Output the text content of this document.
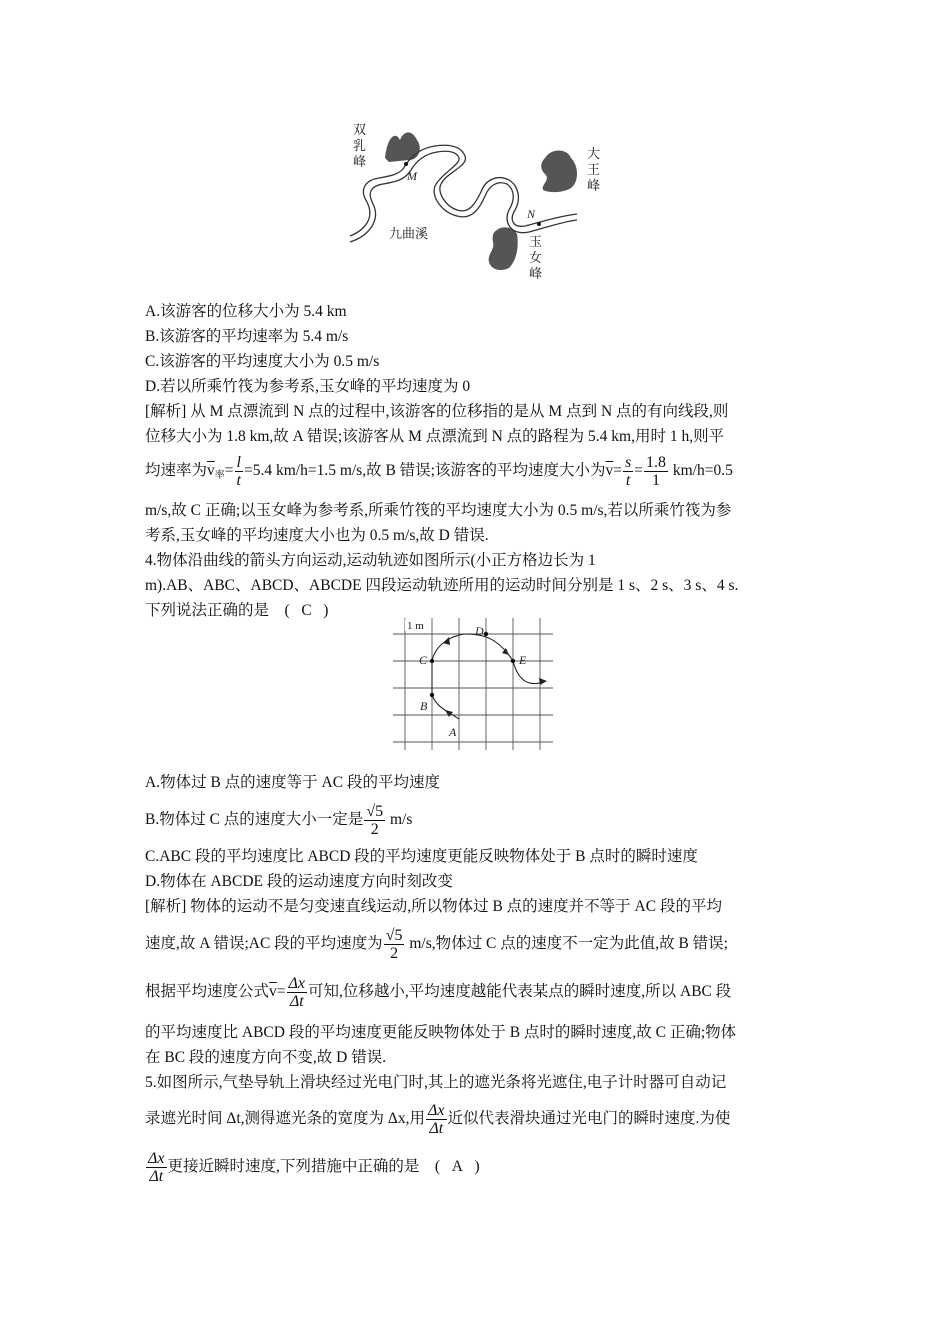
双
乳
峰
大
王
峰
玉
女
峰
九曲溪
M
N
A.该游客的位移大小为 5.4 km
B.该游客的平均速率为 5.4 m/s
C.该游客的平均速度大小为 0.5 m/s
D.若以所乘竹筏为参考系,玉女峰的平均速度为 0
[解析] 从 M 点漂流到 N 点的过程中,该游客的位移指的是从 M 点到 N 点的有向线段,则
位移大小为 1.8 km,故 A 错误;该游客从 M 点漂流到 N 点的路程为 5.4 km,用时 1 h,则平
均速率为$\overline{v}_率= \frac{l}{t} =5.4$ km/h=1.5 m/s,故 B 错误;该游客的平均速度大小为$\overline{v}= \frac{s}{t} = \frac{1.8}{1} km/h=0.5$
m/s,故 C 正确;以玉女峰为参考系,所乘竹筏的平均速度大小为 0.5 m/s,若以所乘竹筏为参
考系,玉女峰的平均速度大小也为 0.5 m/s,故 D 错误.
4.物体沿曲线的箭头方向运动,运动轨迹如图所示(小正方格边长为 1
m).AB、ABC、ABCD、ABCDE 四段运动轨迹所用的运动时间分别是 1 s、2 s、3 s、4 s.
下列说法正确的是    (   C   )
1 m
A
B
C
D
E
A.物体过 B 点的速度等于 AC 段的平均速度
B.物体过 C 点的速度大小一定是 $\frac{√5}{2} m/s$
C.ABC 段的平均速度比 ABCD 段的平均速度更能反映物体处于 B 点时的瞬时速度
D.物体在 ABCDE 段的运动速度方向时刻改变
[解析] 物体的运动不是匀变速直线运动,所以物体过 B 点的速度并不等于 AC 段的平均
速度,故 A 错误;AC 段的平均速度为 $\frac{√5}{2} m/s$,物体过 C 点的速度不一定为此值,故 B 错误;
根据平均速度公式$\overline{v}= \frac{\Delta x}{\Delta t}$ 可知,位移越小,平均速度越能代表某点的瞬时速度,所以 ABC 段
的平均速度比 ABCD 段的平均速度更能反映物体处于 B 点时的瞬时速度,故 C 正确;物体
在 BC 段的速度方向不变,故 D 错误.
5.如图所示,气垫导轨上滑块经过光电门时,其上的遮光条将光遮住,电子计时器可自动记
录遮光时间 Δt,测得遮光条的宽度为 Δx,用 $\frac{\Delta x}{\Delta t}$ 近似代表滑块通过光电门的瞬时速度.为使
$\frac{\Delta x}{\Delta t}$ 更接近瞬时速度,下列措施中正确的是    (   A   )
